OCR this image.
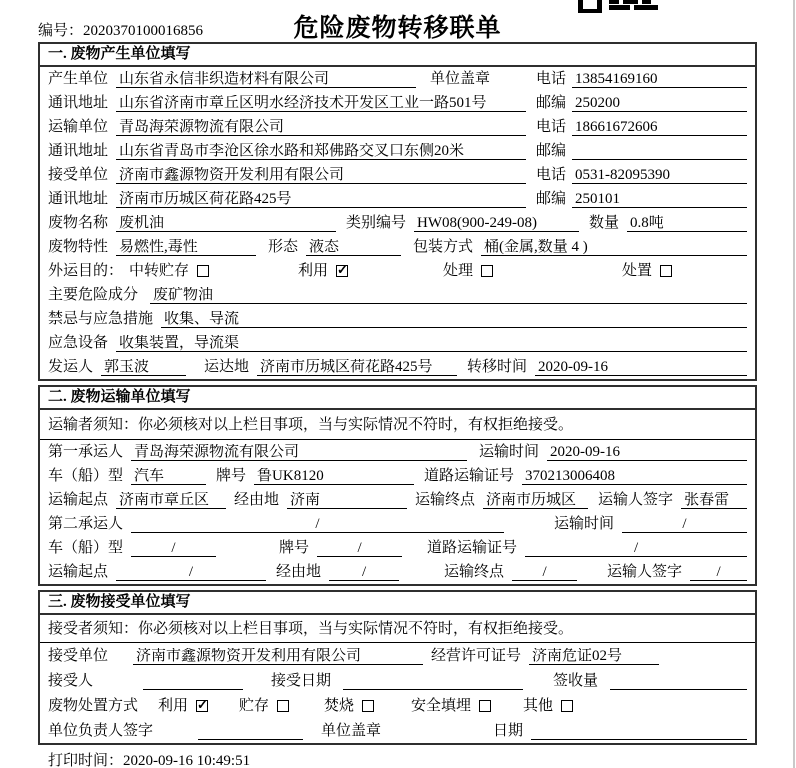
编号：2020370100016856	危险废物转移联单
一. 废物产生单位填写
产生单位 山东省永信非织造材料有限公司	单位盖章	电话 13854169160
通讯地址 山东省济南市章丘区明水经济技术开发区工业一路501号	邮编 250200
运输单位 青岛海荣源物流有限公司	电话 18661672606
通讯地址 山东省青岛市李沧区徐水路和郑佛路交叉口东侧20米	邮编
接受单位 济南市鑫源物资开发利用有限公司	电话 0531-82095390
通讯地址 济南市历城区荷花路425号	邮编 250101
废物名称 废机油	类别编号 HW08(900-249-08)	数量 0.8吨
废物特性 易燃性,毒性	形态 液态	包装方式 桶(金属,数量 4 )
外运目的： 中转贮存	利用 ✓	处理	处置
主要危险成分 废矿物油
禁忌与应急措施 收集、导流
应急设备 收集装置，导流渠
发运人 郭玉波	运达地 济南市历城区荷花路425号	转移时间 2020-09-16
二. 废物运输单位填写
运输者须知：你必须核对以上栏目事项，当与实际情况不符时，有权拒绝接受。
第一承运人 青岛海荣源物流有限公司	运输时间 2020-09-16
车（船）型 汽车	牌号 鲁UK8120	道路运输证号 370213006408
运输起点 济南市章丘区	经由地 济南	运输终点 济南市历城区	运输人签字 张春雷
第二承运人	/	运输时间	/
车（船）型	/	牌号	/	道路运输证号	/
运输起点	/	经由地	/	运输终点	/	运输人签字	/
三. 废物接受单位填写
接受者须知：你必须核对以上栏目事项，当与实际情况不符时，有权拒绝接受。
接受单位 济南市鑫源物资开发利用有限公司	经营许可证号 济南危证02号
接受人	接受日期	签收量
废物处置方式 利用 ✓	贮存	焚烧	安全填埋	其他
单位负责人签字	单位盖章	日期
打印时间：2020-09-16 10:49:51
